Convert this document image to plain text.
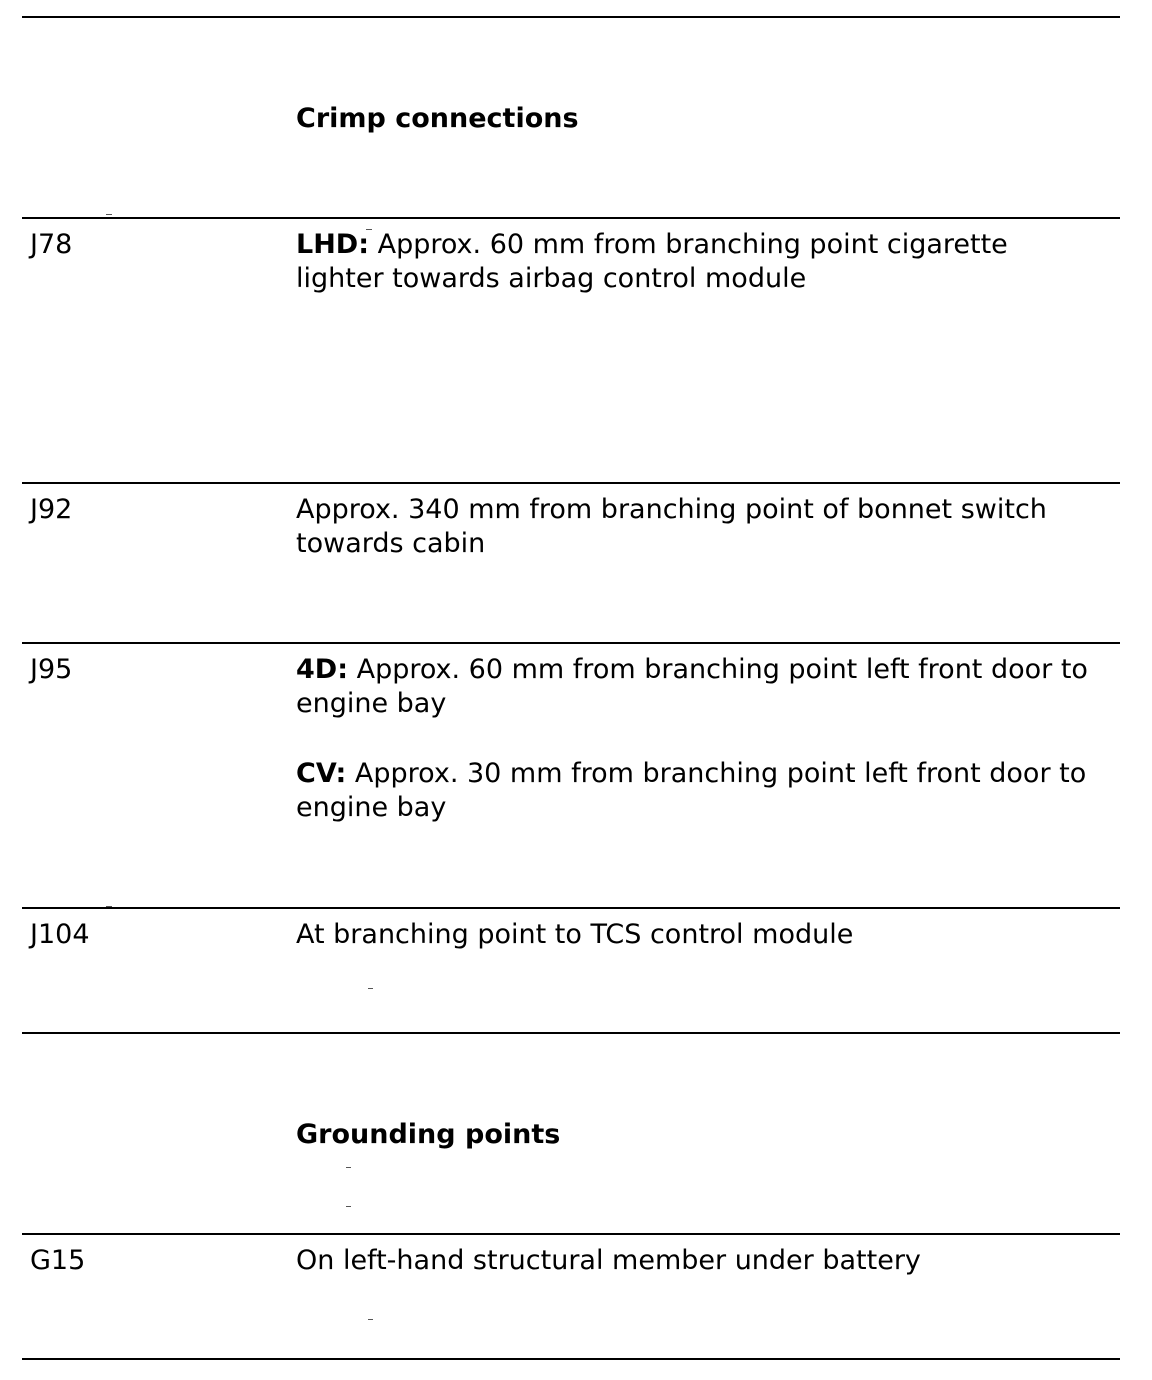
Crimp connections
J78	LHD: Approx. 60 mm from branching point cigarette lighter towards airbag control module
J92	Approx. 340 mm from branching point of bonnet switch towards cabin
J95	4D: Approx. 60 mm from branching point left front door to engine bay
CV: Approx. 30 mm from branching point left front door to engine bay
J104	At branching point to TCS control module
Grounding points
G15	On left-hand structural member under battery
